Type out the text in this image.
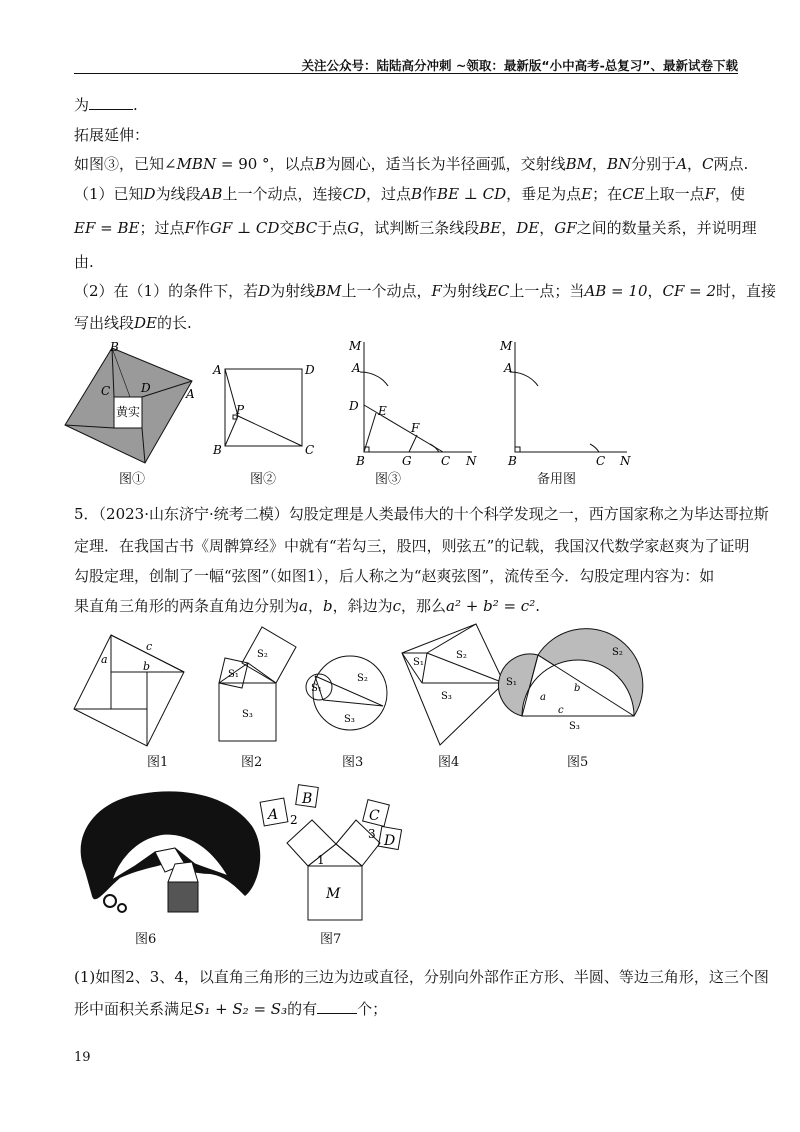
关注公众号：陆陆高分冲刺 ~领取：最新版“小中高考-总复习”、最新试卷下载
为	.
拓展延伸：
如图③，已知∠MBN = 90 °，以点B为圆心，适当长为半径画弧，交射线BM，BN分别于A，C两点.
（1）已知D为线段AB上一个动点，连接CD，过点B作BE ⊥ CD，垂足为点E；在CE上取一点F，使
EF = BE；过点F作GF ⊥ CD交BC于点G，试判断三条线段BE，DE，GF之间的数量关系，并说明理
由.
（2）在（1）的条件下，若D为射线BM上一个动点，F为射线EC上一点；当AB = 10，CF = 2时，直接
写出线段DE的长.
B
C	D	A
黄实
A	D
P
B	C
M
A
D E
F
B	G C N
M
A
B	C N
图①	图②	图③	备用图
5．（2023·山东济宁·统考二模）勾股定理是人类最伟大的十个科学发现之一，西方国家称之为毕达哥拉斯
定理．在我国古书《周髀算经》中就有“若勾三，股四，则弦五”的记载，我国汉代数学家赵爽为了证明
勾股定理，创制了一幅“弦图”（如图1），后人称之为“赵爽弦图”，流传至今．勾股定理内容为：如
果直角三角形的两条直角边分别为a，b，斜边为c，那么a² + b² = c².
a
b
c
S₁
S₂
S₃
S₁
S₂
S₃
S₁
S₂
S₃
S₁
S₂
S₃
a
b
c
图1	图2	图3	图4	图5
A
B
C
D
M
1
2
3
图6	图7
(1)如图2、3、4，以直角三角形的三边为边或直径，分别向外部作正方形、半圆、等边三角形，这三个图
形中面积关系满足S₁ + S₂ = S₃的有	个；
19
